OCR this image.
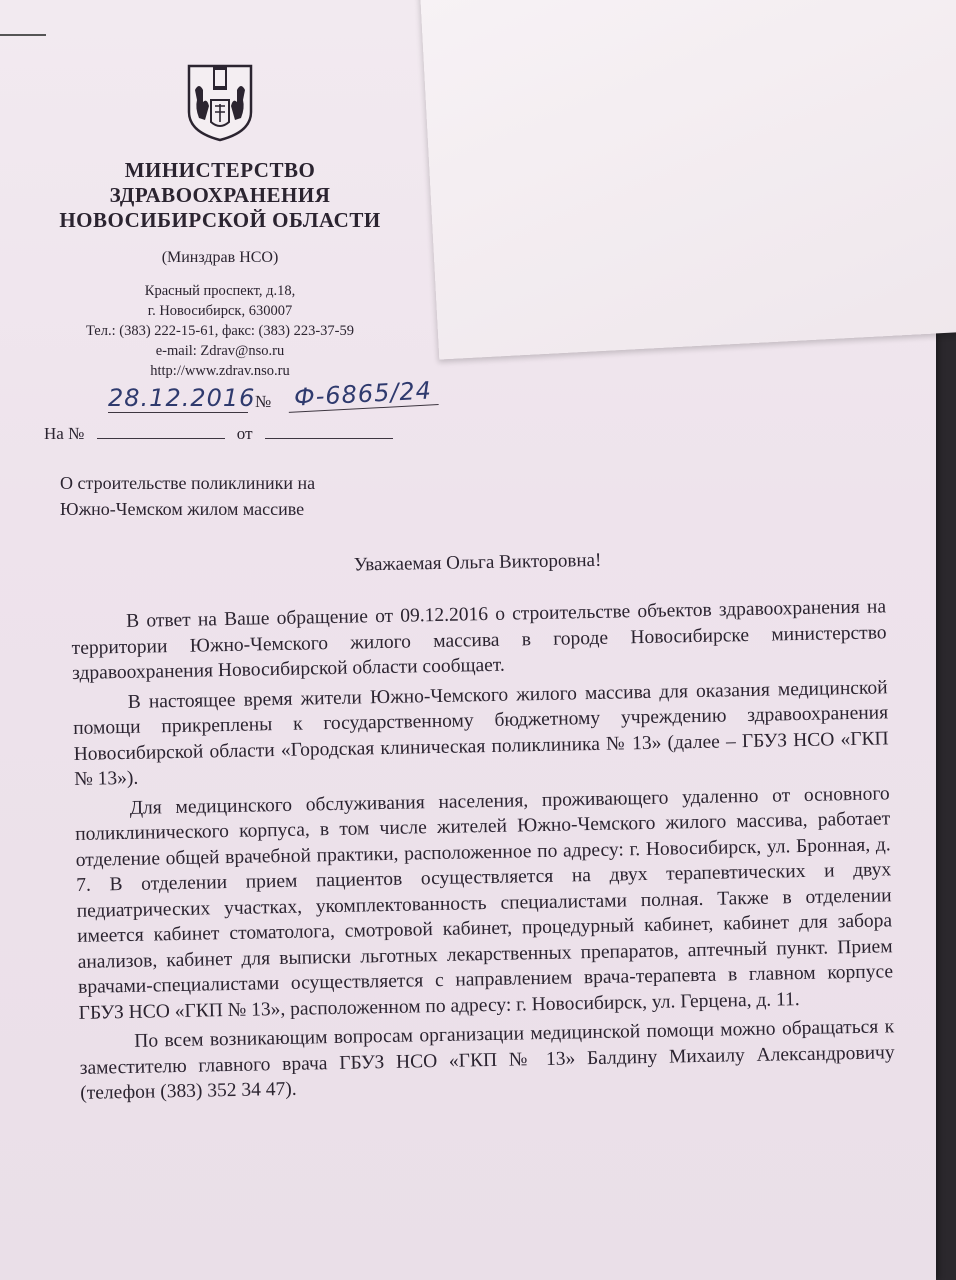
МИНИСТЕРСТВО
ЗДРАВООХРАНЕНИЯ
НОВОСИБИРСКОЙ ОБЛАСТИ
(Минздрав НСО)
Красный проспект, д.18,
г. Новосибирск, 630007
Тел.: (383) 222-15-61, факс: (383) 223-37-59
e-mail: Zdrav@nso.ru
http://www.zdrav.nso.ru
28.12.2016 № Ф-6865/24
На №	от
О строительстве поликлиники на
Южно-Чемском жилом массиве
Уважаемая Ольга Викторовна!

В ответ на Ваше обращение от 09.12.2016 о строительстве объектов здравоохранения на территории Южно-Чемского жилого массива в городе Новосибирске министерство здравоохранения Новосибирской области сообщает.

В настоящее время жители Южно-Чемского жилого массива для оказания медицинской помощи прикреплены к государственному бюджетному учреждению здравоохранения Новосибирской области «Городская клиническая поликлиника № 13» (далее – ГБУЗ НСО «ГКП № 13»).

Для медицинского обслуживания населения, проживающего удаленно от основного поликлинического корпуса, в том числе жителей Южно-Чемского жилого массива, работает отделение общей врачебной практики, расположенное по адресу: г. Новосибирск, ул. Бронная, д. 7. В отделении прием пациентов осуществляется на двух терапевтических и двух педиатрических участках, укомплектованность специалистами полная. Также в отделении имеется кабинет стоматолога, смотровой кабинет, процедурный кабинет, кабинет для забора анализов, кабинет для выписки льготных лекарственных препаратов, аптечный пункт. Прием врачами-специалистами осуществляется с направлением врача-терапевта в главном корпусе ГБУЗ НСО «ГКП № 13», расположенном по адресу: г. Новосибирск, ул. Герцена, д. 11.

По всем возникающим вопросам организации медицинской помощи можно обращаться к заместителю главного врача ГБУЗ НСО «ГКП № 13» Балдину Михаилу Александровичу (телефон (383) 352 34 47).
